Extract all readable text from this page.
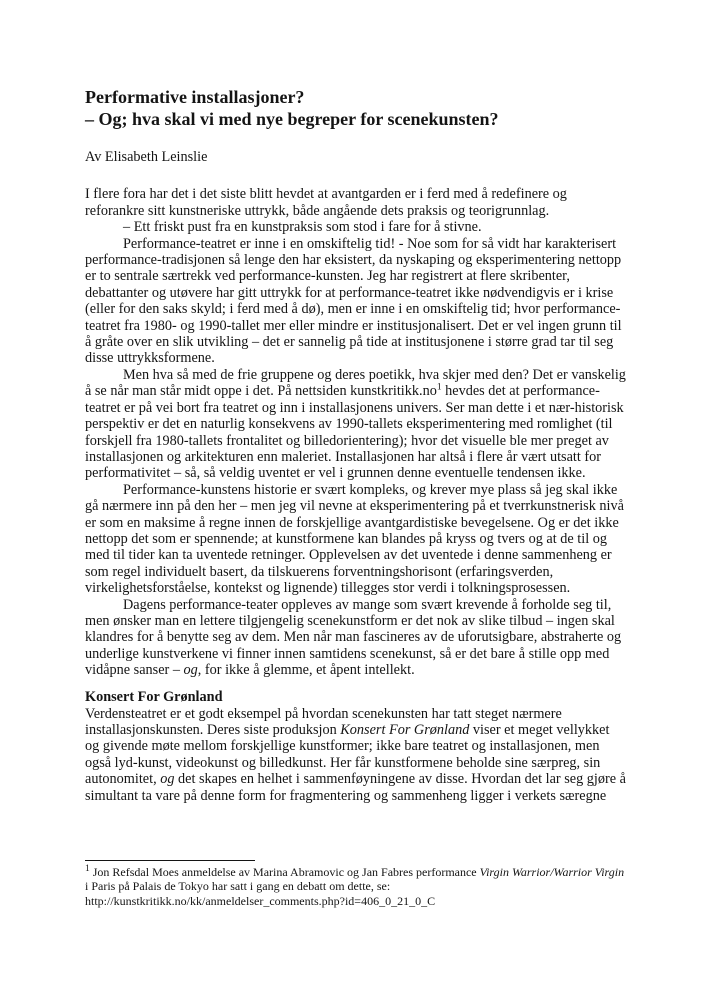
Performative installasjoner?
– Og; hva skal vi med nye begreper for scenekunsten?

Av Elisabeth Leinslie

I flere fora har det i det siste blitt hevdet at avantgarden er i ferd med å redefinere og reforankre sitt kunstneriske uttrykk, både angående dets praksis og teorigrunnlag.

– Ett friskt pust fra en kunstpraksis som stod i fare for å stivne.

Performance-teatret er inne i en omskiftelig tid! - Noe som for så vidt har karakterisert performance-tradisjonen så lenge den har eksistert, da nyskaping og eksperimentering nettopp er to sentrale særtrekk ved performance-kunsten. Jeg har registrert at flere skribenter, debattanter og utøvere har gitt uttrykk for at performance-teatret ikke nødvendigvis er i krise (eller for den saks skyld; i ferd med å dø), men er inne i en omskiftelig tid; hvor performance-teatret fra 1980- og 1990-tallet mer eller mindre er institusjonalisert. Det er vel ingen grunn til å gråte over en slik utvikling – det er sannelig på tide at institusjonene i større grad tar til seg disse uttrykksformene.

Men hva så med de frie gruppene og deres poetikk, hva skjer med den? Det er vanskelig å se når man står midt oppe i det. På nettsiden kunstkritikk.no$^1$ hevdes det at performance-teatret er på vei bort fra teatret og inn i installasjonens univers. Ser man dette i et nær-historisk perspektiv er det en naturlig konsekvens av 1990-tallets eksperimentering med romlighet (til forskjell fra 1980-tallets frontalitet og billedorientering); hvor det visuelle ble mer preget av installasjonen og arkitekturen enn maleriet. Installasjonen har altså i flere år vært utsatt for performativitet – så, så veldig uventet er vel i grunnen denne eventuelle tendensen ikke.

Performance-kunstens historie er svært kompleks, og krever mye plass så jeg skal ikke gå nærmere inn på den her – men jeg vil nevne at eksperimentering på et tverrkunstnerisk nivå er som en maksime å regne innen de forskjellige avantgardistiske bevegelsene. Og er det ikke nettopp det som er spennende; at kunstformene kan blandes på kryss og tvers og at de til og med til tider kan ta uventede retninger. Opplevelsen av det uventede i denne sammenheng er som regel individuelt basert, da tilskuerens forventningshorisont (erfaringsverden, virkelighetsforståelse, kontekst og lignende) tillegges stor verdi i tolkningsprosessen.

Dagens performance-teater oppleves av mange som svært krevende å forholde seg til, men ønsker man en lettere tilgjengelig scenekunstform er det nok av slike tilbud – ingen skal klandres for å benytte seg av dem. Men når man fascineres av de uforutsigbare, abstraherte og underlige kunstverkene vi finner innen samtidens scenekunst, så er det bare å stille opp med vidåpne sanser – og, for ikke å glemme, et åpent intellekt.

Konsert For Grønland

Verdensteatret er et godt eksempel på hvordan scenekunsten har tatt steget nærmere installasjonskunsten. Deres siste produksjon Konsert For Grønland viser et meget vellykket og givende møte mellom forskjellige kunstformer; ikke bare teatret og installasjonen, men også lyd-kunst, videokunst og billedkunst. Her får kunstformene beholde sine særpreg, sin autonomitet, og det skapes en helhet i sammenføyningene av disse. Hvordan det lar seg gjøre å simultant ta vare på denne form for fragmentering og sammenheng ligger i verkets særegne

$^1$ Jon Refsdal Moes anmeldelse av Marina Abramovic og Jan Fabres performance Virgin Warrior/Warrior Virgin i Paris på Palais de Tokyo har satt i gang en debatt om dette, se:

http://kunstkritikk.no/kk/anmeldelser_comments.php?id=406_0_21_0_C
